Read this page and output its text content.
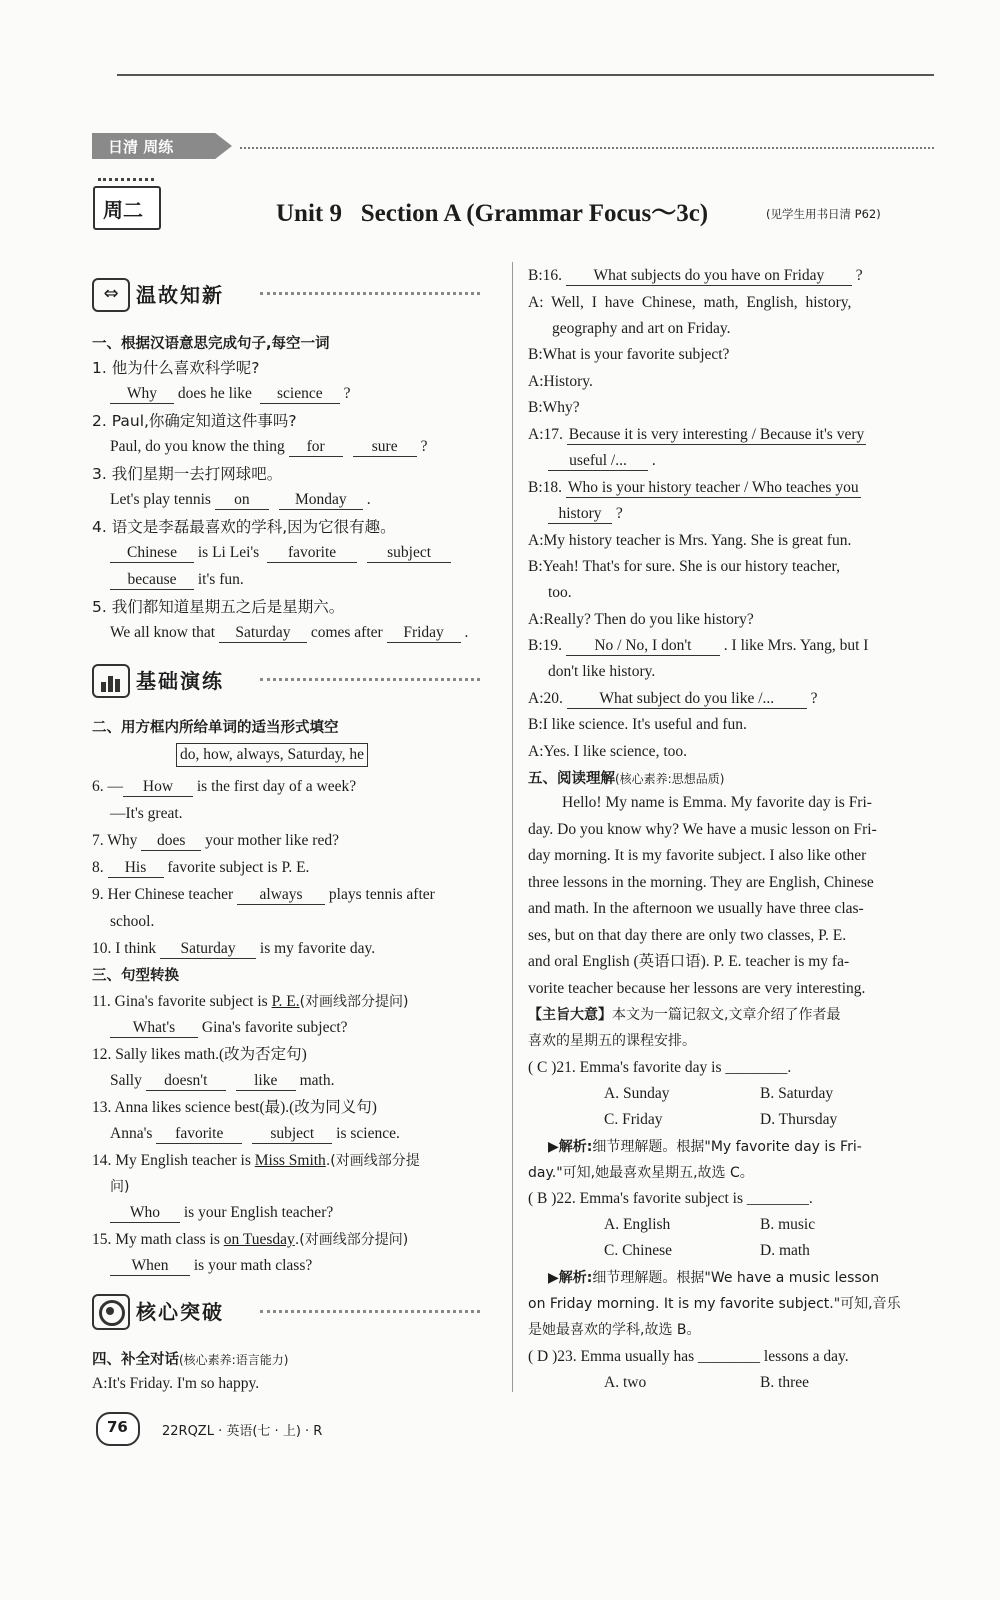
日清 周练
周二	Unit 9   Section A (Grammar Focus～3c)	(见学生用书日清 P62)
⇔ 温故知新
一、根据汉语意思完成句子,每空一词
1. 他为什么喜欢科学呢?
Why does he like science ?
2. Paul,你确定知道这件事吗?
Paul, do you know the thing for	sure ?
3. 我们星期一去打网球吧。
Let's play tennis on	Monday .
4. 语文是李磊最喜欢的学科,因为它很有趣。
Chinese is Li Lei's favorite	subject
because it's fun.
5. 我们都知道星期五之后是星期六。
We all know that Saturday comes after Friday .
基础演练
二、用方框内所给单词的适当形式填空
do, how, always, Saturday, he
6. — How is the first day of a week?
—It's great.
7. Why does your mother like red?
8. His favorite subject is P. E.
9. Her Chinese teacher always plays tennis after
school.
10. I think Saturday is my favorite day.
三、句型转换
11. Gina's favorite subject is P. E.(对画线部分提问)
What's Gina's favorite subject?
12. Sally likes math.(改为否定句)
Sally doesn't	like math.
13. Anna likes science best(最).(改为同义句)
Anna's favorite	subject is science.
14. My English teacher is Miss Smith.(对画线部分提
问)
Who is your English teacher?
15. My math class is on Tuesday.(对画线部分提问)
When is your math class?
核心突破
四、补全对话(核心素养:语言能力)
A:It's Friday. I'm so happy.
B:16. What subjects do you have on Friday ?
A: Well, I have Chinese, math, English, history,
geography and art on Friday.
B:What is your favorite subject?
A:History.
B:Why?
A:17. Because it is very interesting / Because it's very
useful /... .
B:18. Who is your history teacher / Who teaches you
history ?
A:My history teacher is Mrs. Yang. She is great fun.
B:Yeah! That's for sure. She is our history teacher,
too.
A:Really? Then do you like history?
B:19. No / No, I don't . I like Mrs. Yang, but I
don't like history.
A:20. What subject do you like /... ?
B:I like science. It's useful and fun.
A:Yes. I like science, too.
五、阅读理解(核心素养:思想品质)
Hello! My name is Emma. My favorite day is Fri-
day. Do you know why? We have a music lesson on Fri-
day morning. It is my favorite subject. I also like other
three lessons in the morning. They are English, Chinese
and math. In the afternoon we usually have three clas-
ses, but on that day there are only two classes, P. E.
and oral English (英语口语). P. E. teacher is my fa-
vorite teacher because her lessons are very interesting.
【主旨大意】本文为一篇记叙文,文章介绍了作者最
喜欢的星期五的课程安排。
( C )21. Emma's favorite day is ________.
A. Sunday	B. Saturday
C. Friday	D. Thursday
▶解析:细节理解题。根据"My favorite day is Fri-
day."可知,她最喜欢星期五,故选 C。
( B )22. Emma's favorite subject is ________.
A. English	B. music
C. Chinese	D. math
▶解析:细节理解题。根据"We have a music lesson
on Friday morning. It is my favorite subject."可知,音乐
是她最喜欢的学科,故选 B。
( D )23. Emma usually has ________ lessons a day.
A. two	B. three
76	22RQZL · 英语(七 · 上) · R
